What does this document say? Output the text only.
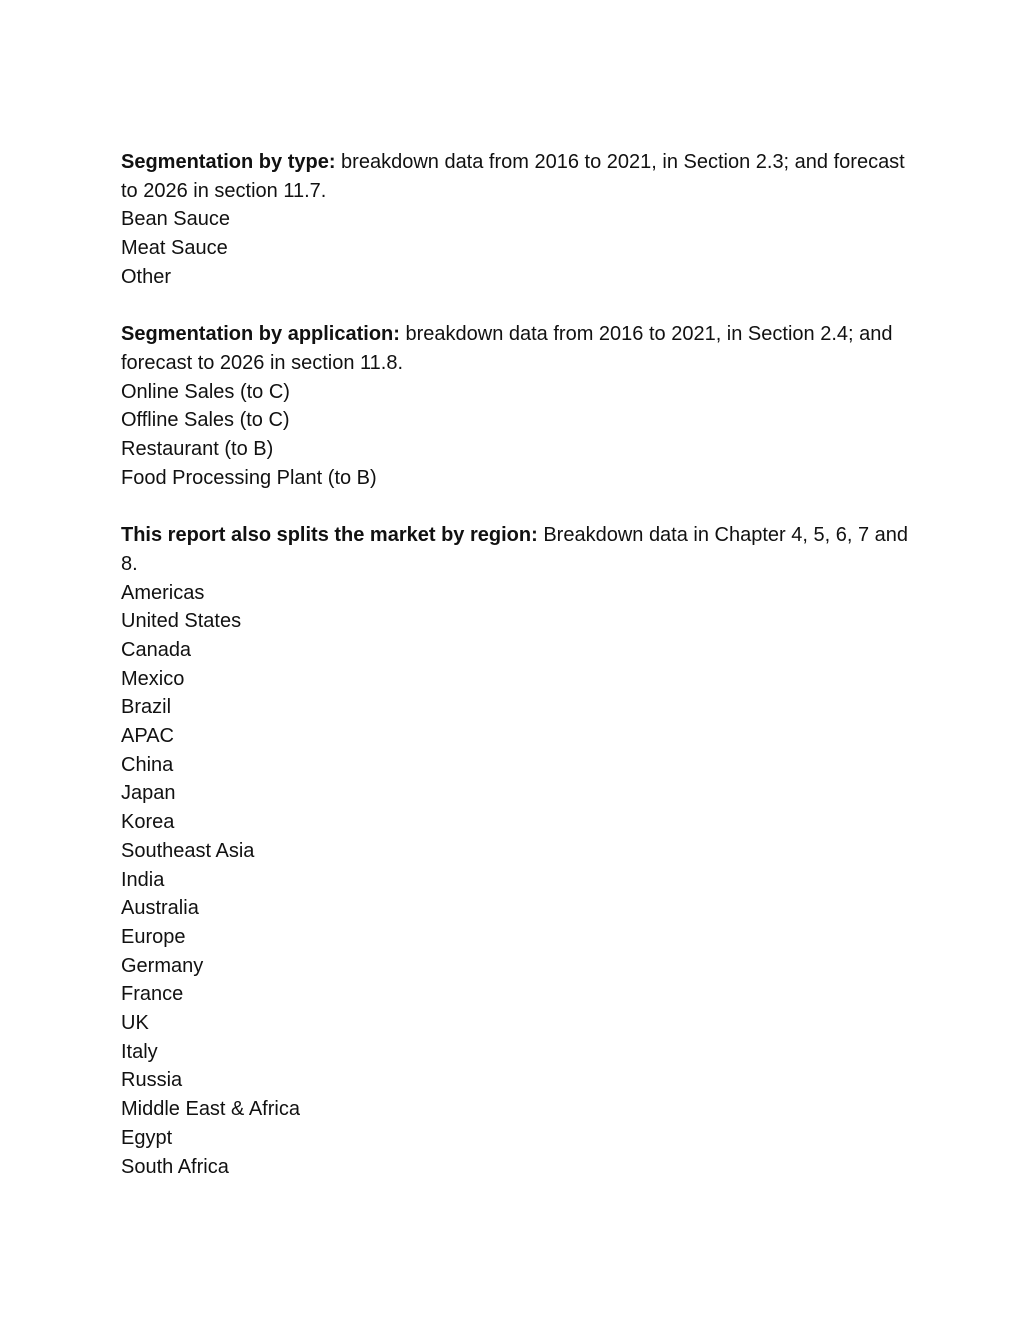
Segmentation by type: breakdown data from 2016 to 2021, in Section 2.3; and forecast to 2026 in section 11.7.

Bean Sauce
Meat Sauce
Other

Segmentation by application: breakdown data from 2016 to 2021, in Section 2.4; and forecast to 2026 in section 11.8.

Online Sales (to C)
Offline Sales (to C)
Restaurant (to B)
Food Processing Plant (to B)

This report also splits the market by region: Breakdown data in Chapter 4, 5, 6, 7 and 8.

Americas
United States
Canada
Mexico
Brazil
APAC
China
Japan
Korea
Southeast Asia
India
Australia
Europe
Germany
France
UK
Italy
Russia
Middle East & Africa
Egypt
South Africa
